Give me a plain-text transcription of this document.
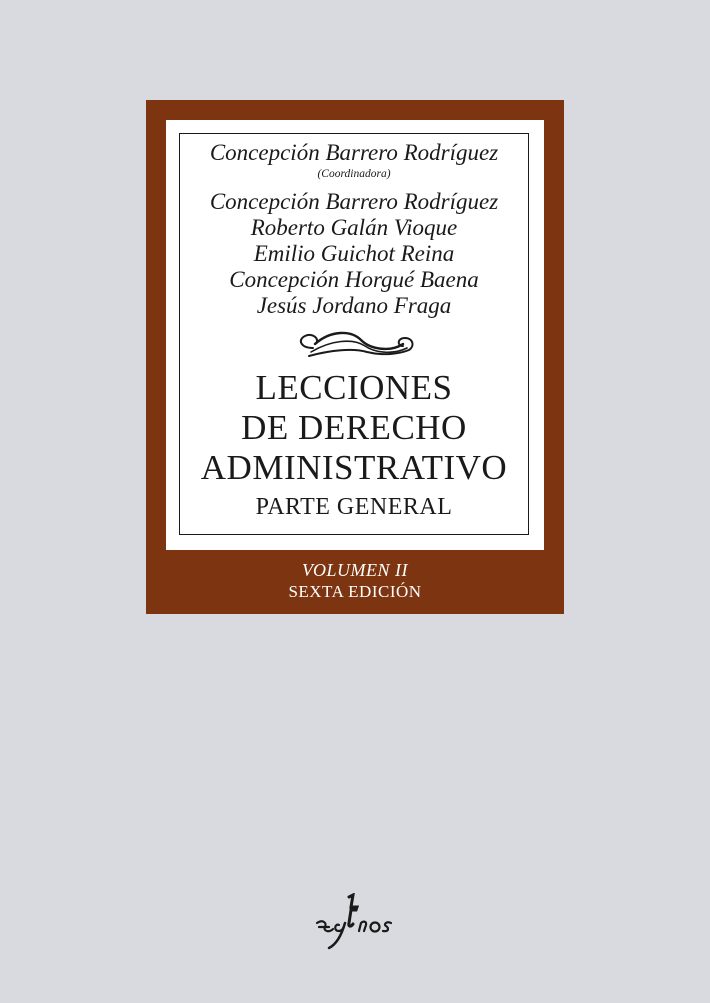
Concepción Barrero Rodríguez
(Coordinadora)
Concepción Barrero Rodríguez
Roberto Galán Vioque
Emilio Guichot Reina
Concepción Horgué Baena
Jesús Jordano Fraga
LECCIONES
DE DERECHO
ADMINISTRATIVO
PARTE GENERAL
VOLUMEN II
SEXTA EDICIÓN
